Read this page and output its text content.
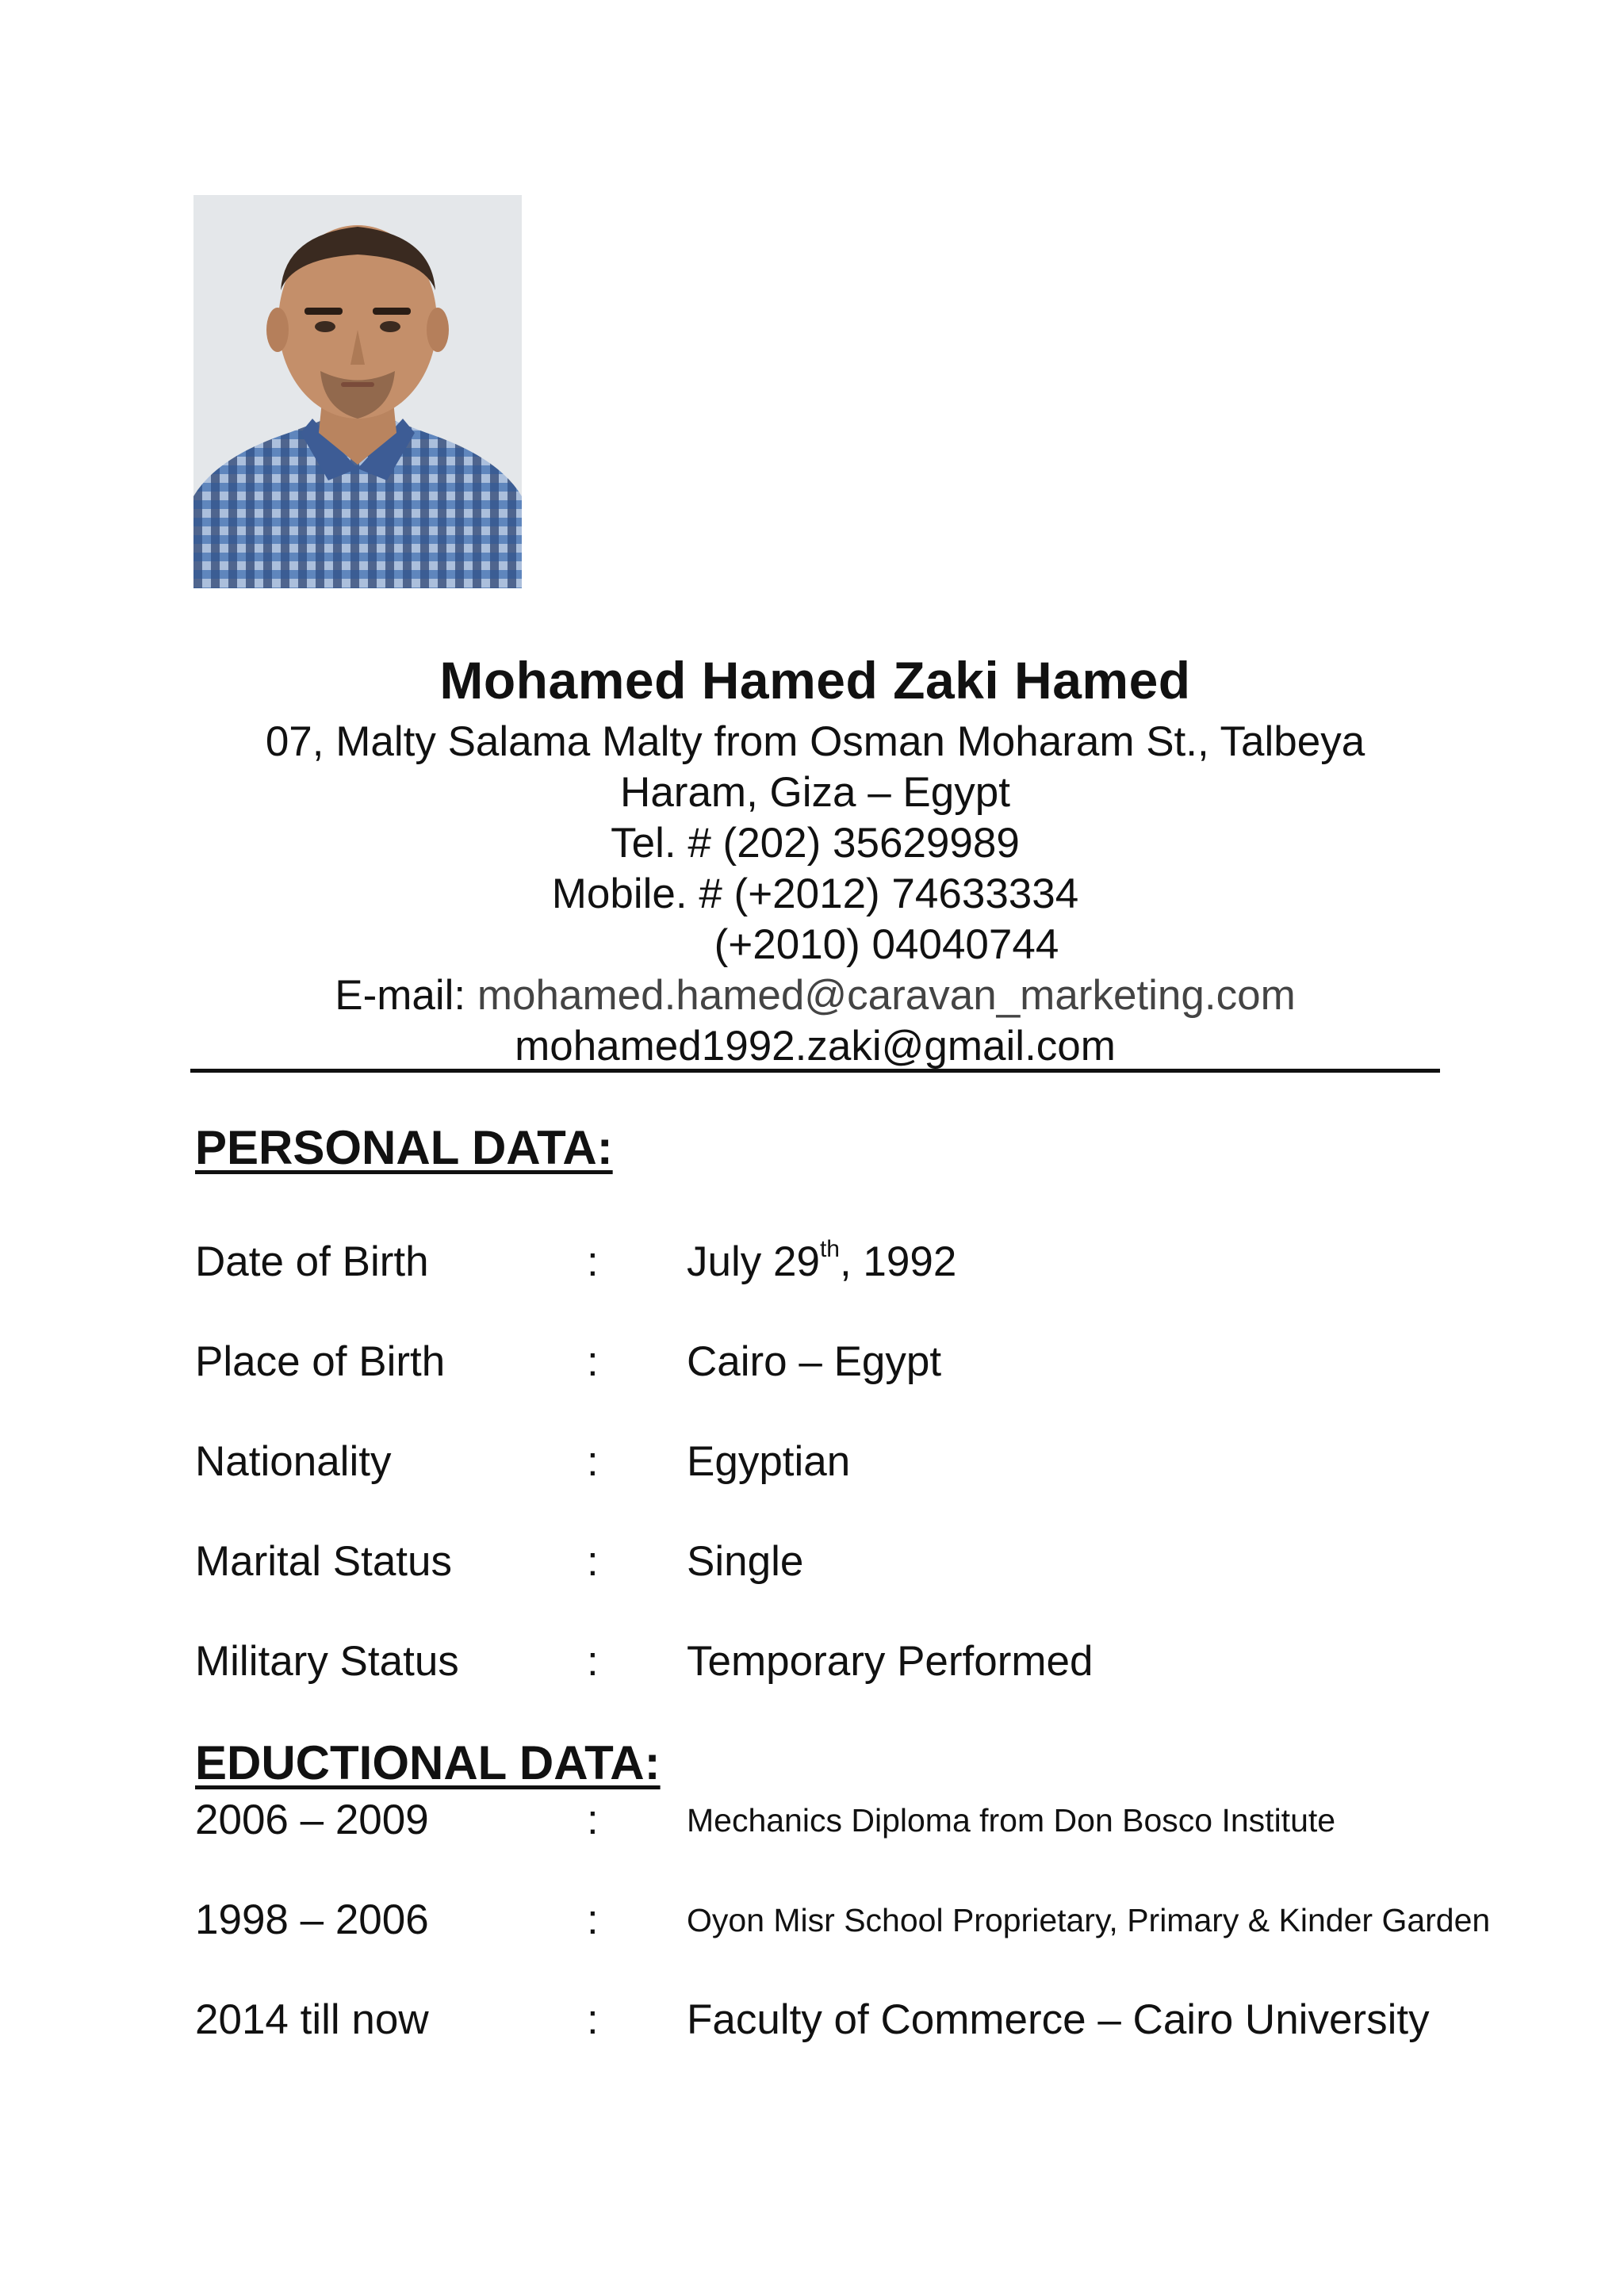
Mohamed Hamed Zaki Hamed
07, Malty Salama Malty from Osman Moharam St., Talbeya
Haram, Giza – Egypt
Tel. # (202) 35629989
Mobile. # (+2012) 74633334
(+2010) 04040744
E-mail: mohamed.hamed@caravan_marketing.com
mohamed1992.zaki@gmail.com
PERSONAL DATA:
Date of Birth	: July 29th, 1992
Place of Birth	: Cairo – Egypt
Nationality	: Egyptian
Marital Status	: Single
Military Status	: Temporary Performed
EDUCTIONAL DATA:
2006 – 2009	:	Mechanics Diploma from Don Bosco Institute
1998 – 2006	:	Oyon Misr School Proprietary, Primary & Kinder Garden
2014 till now	: Faculty of Commerce – Cairo University
